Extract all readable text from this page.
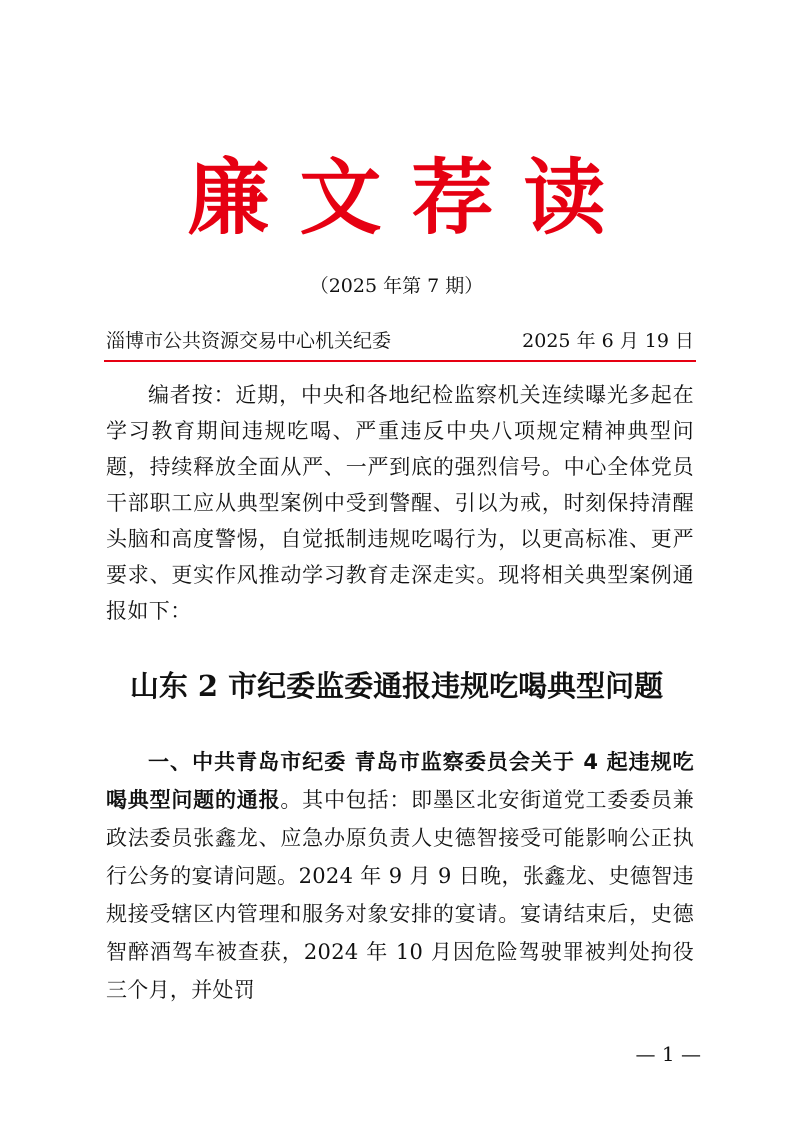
廉文荐读
（2025 年第 7 期）
淄博市公共资源交易中心机关纪委	2025 年 6 月 19 日

编者按：近期，中央和各地纪检监察机关连续曝光多起在学习教育期间违规吃喝、严重违反中央八项规定精神典型问题，持续释放全面从严、一严到底的强烈信号。中心全体党员干部职工应从典型案例中受到警醒、引以为戒，时刻保持清醒头脑和高度警惕，自觉抵制违规吃喝行为，以更高标准、更严要求、更实作风推动学习教育走深走实。现将相关典型案例通报如下：

山东 2 市纪委监委通报违规吃喝典型问题

一、中共青岛市纪委 青岛市监察委员会关于 4 起违规吃喝典型问题的通报。其中包括：即墨区北安街道党工委委员兼政法委员张鑫龙、应急办原负责人史德智接受可能影响公正执行公务的宴请问题。2024 年 9 月 9 日晚，张鑫龙、史德智违规接受辖区内管理和服务对象安排的宴请。宴请结束后，史德智醉酒驾车被查获，2024 年 10 月因危险驾驶罪被判处拘役三个月，并处罚

— 1 —
